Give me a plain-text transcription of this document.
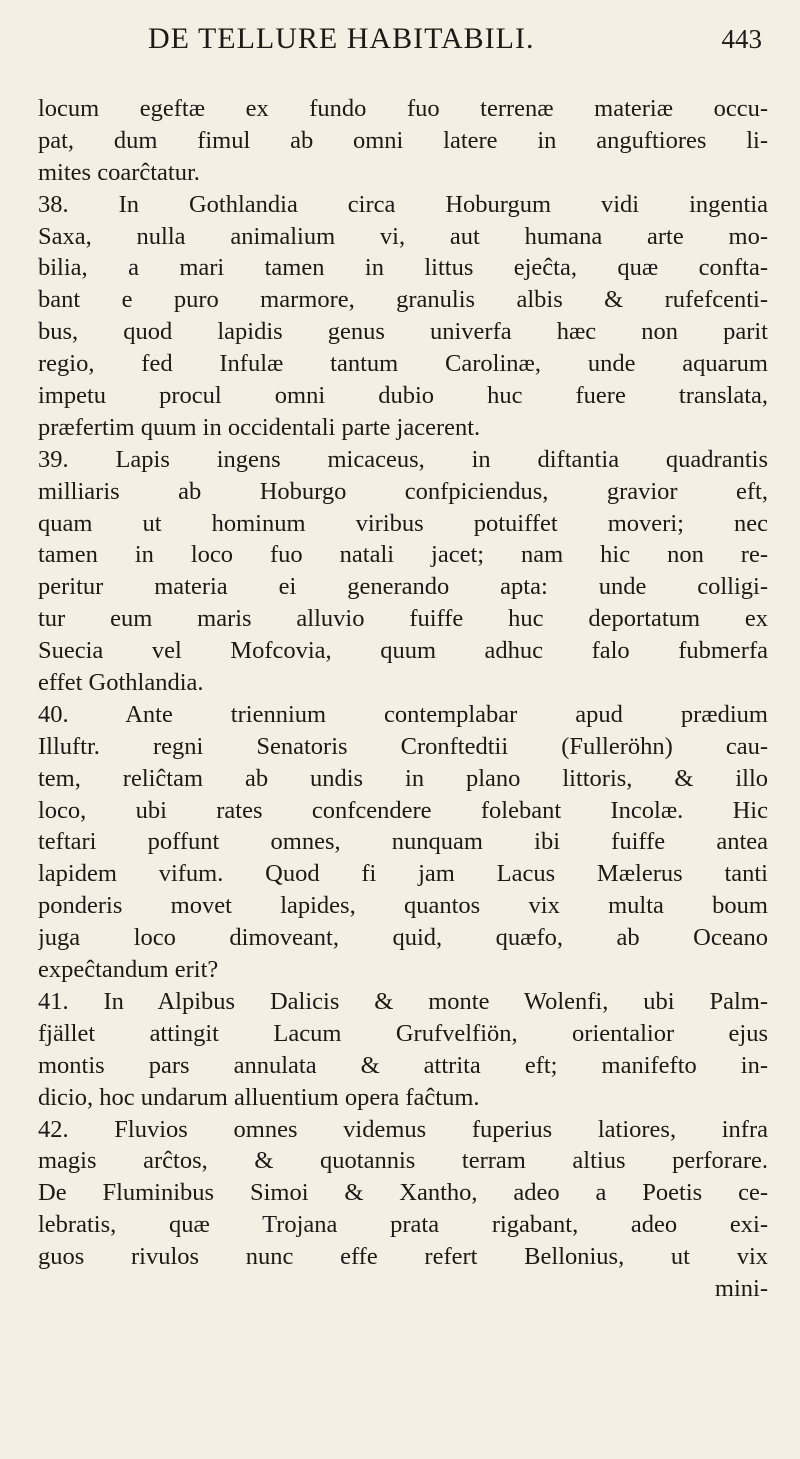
DE TELLURE HABITABILI.	443
locum egeftæ ex fundo fuo terrenæ materiæ occu-
pat, dum fimul ab omni latere in anguftiores li-
mites coarĉtatur.
38. In Gothlandia circa Hoburgum vidi ingentia
Saxa, nulla animalium vi, aut humana arte mo-
bilia, a mari tamen in littus ejeĉta, quæ confta-
bant e puro marmore, granulis albis & rufefcenti-
bus, quod lapidis genus univerfa hæc non parit
regio, fed Infulæ tantum Carolinæ, unde aquarum
impetu procul omni dubio huc fuere translata,
præfertim quum in occidentali parte jacerent.
39. Lapis ingens micaceus, in diftantia quadrantis
milliaris ab Hoburgo confpiciendus, gravior eft,
quam ut hominum viribus potuiffet moveri; nec
tamen in loco fuo natali jacet; nam hic non re-
peritur materia ei generando apta: unde colligi-
tur eum maris alluvio fuiffe huc deportatum ex
Suecia vel Mofcovia, quum adhuc falo fubmerfa
effet Gothlandia.
40. Ante triennium contemplabar apud prædium
Illuftr. regni Senatoris Cronftedtii (Fulleröhn) cau-
tem, reliĉtam ab undis in plano littoris, & illo
loco, ubi rates confcendere folebant Incolæ. Hic
teftari poffunt omnes, nunquam ibi fuiffe antea
lapidem vifum. Quod fi jam Lacus Mælerus tanti
ponderis movet lapides, quantos vix multa boum
juga loco dimoveant, quid, quæfo, ab Oceano
expeĉtandum erit?
41. In Alpibus Dalicis & monte Wolenfi, ubi Palm-
fjället attingit Lacum Grufvelfiön, orientalior ejus
montis pars annulata & attrita eft; manifefto in-
dicio, hoc undarum alluentium opera faĉtum.
42. Fluvios omnes videmus fuperius latiores, infra
magis arĉtos, & quotannis terram altius perforare.
De Fluminibus Simoi & Xantho, adeo a Poetis ce-
lebratis, quæ Trojana prata rigabant, adeo exi-
guos rivulos nunc effe refert Bellonius, ut vix
mini-
